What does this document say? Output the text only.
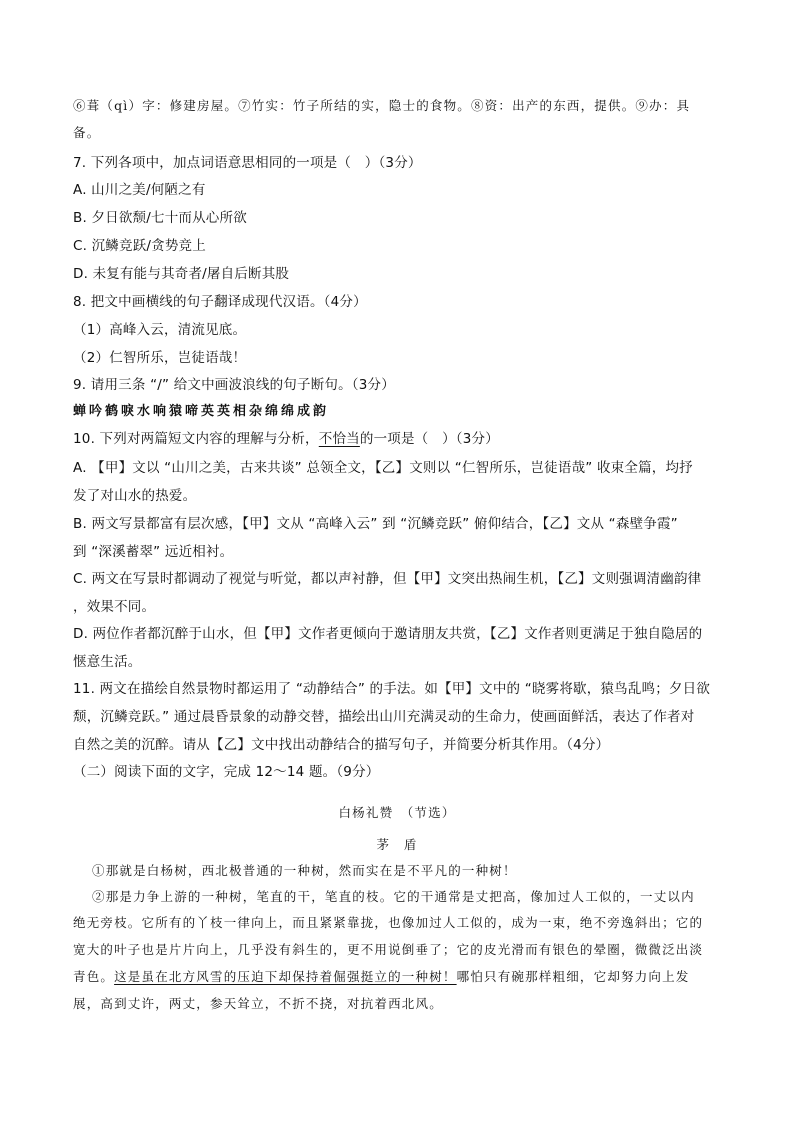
⑥葺（qì）字：修建房屋。⑦竹实：竹子所结的实，隐士的食物。⑧资：出产的东西，提供。⑨办：具
备。
7. 下列各项中，加点词语意思相同的一项是（　）（3分）
A. 山川之美/何陋之有
B. 夕日欲颓/七十而从心所欲
C. 沉鳞竞跃/贪势竞上
D. 未复有能与其奇者/屠自后断其股
8. 把文中画横线的句子翻译成现代汉语。（4分）
（1）高峰入云，清流见底。
（2）仁智所乐，岂徒语哉！
9. 请用三条 “/” 给文中画波浪线的句子断句。（3分）
蝉吟鹤唳水响猿啼英英相杂绵绵成韵
10. 下列对两篇短文内容的理解与分析，不恰当的一项是（　）（3分）
A. 【甲】文以 “山川之美，古来共谈” 总领全文，【乙】文则以 “仁智所乐，岂徒语哉” 收束全篇，均抒
发了对山水的热爱。
B. 两文写景都富有层次感，【甲】文从 “高峰入云” 到 “沉鳞竞跃” 俯仰结合，【乙】文从 “森壁争霞”
到 “深溪蓄翠” 远近相衬。
C. 两文在写景时都调动了视觉与听觉，都以声衬静，但【甲】文突出热闹生机，【乙】文则强调清幽韵律
，效果不同。
D. 两位作者都沉醉于山水，但【甲】文作者更倾向于邀请朋友共赏，【乙】文作者则更满足于独自隐居的
惬意生活。
11. 两文在描绘自然景物时都运用了 “动静结合” 的手法。如【甲】文中的 “晓雾将歇，猿鸟乱鸣；夕日欲
颓，沉鳞竞跃。” 通过晨昏景象的动静交替，描绘出山川充满灵动的生命力，使画面鲜活，表达了作者对
自然之美的沉醉。请从【乙】文中找出动静结合的描写句子，并简要分析其作用。（4分）
（二）阅读下面的文字，完成 12～14 题。（9分）
白杨礼赞　（节选）
茅　盾
①那就是白杨树，西北极普通的一种树，然而实在是不平凡的一种树！
②那是力争上游的一种树，笔直的干，笔直的枝。它的干通常是丈把高，像加过人工似的，一丈以内
绝无旁枝。它所有的丫枝一律向上，而且紧紧靠拢，也像加过人工似的，成为一束，绝不旁逸斜出；它的
宽大的叶子也是片片向上，几乎没有斜生的，更不用说倒垂了；它的皮光滑而有银色的晕圈，微微泛出淡
青色。这是虽在北方风雪的压迫下却保持着倔强挺立的一种树！哪怕只有碗那样粗细，它却努力向上发
展，高到丈许，两丈，参天耸立，不折不挠，对抗着西北风。
